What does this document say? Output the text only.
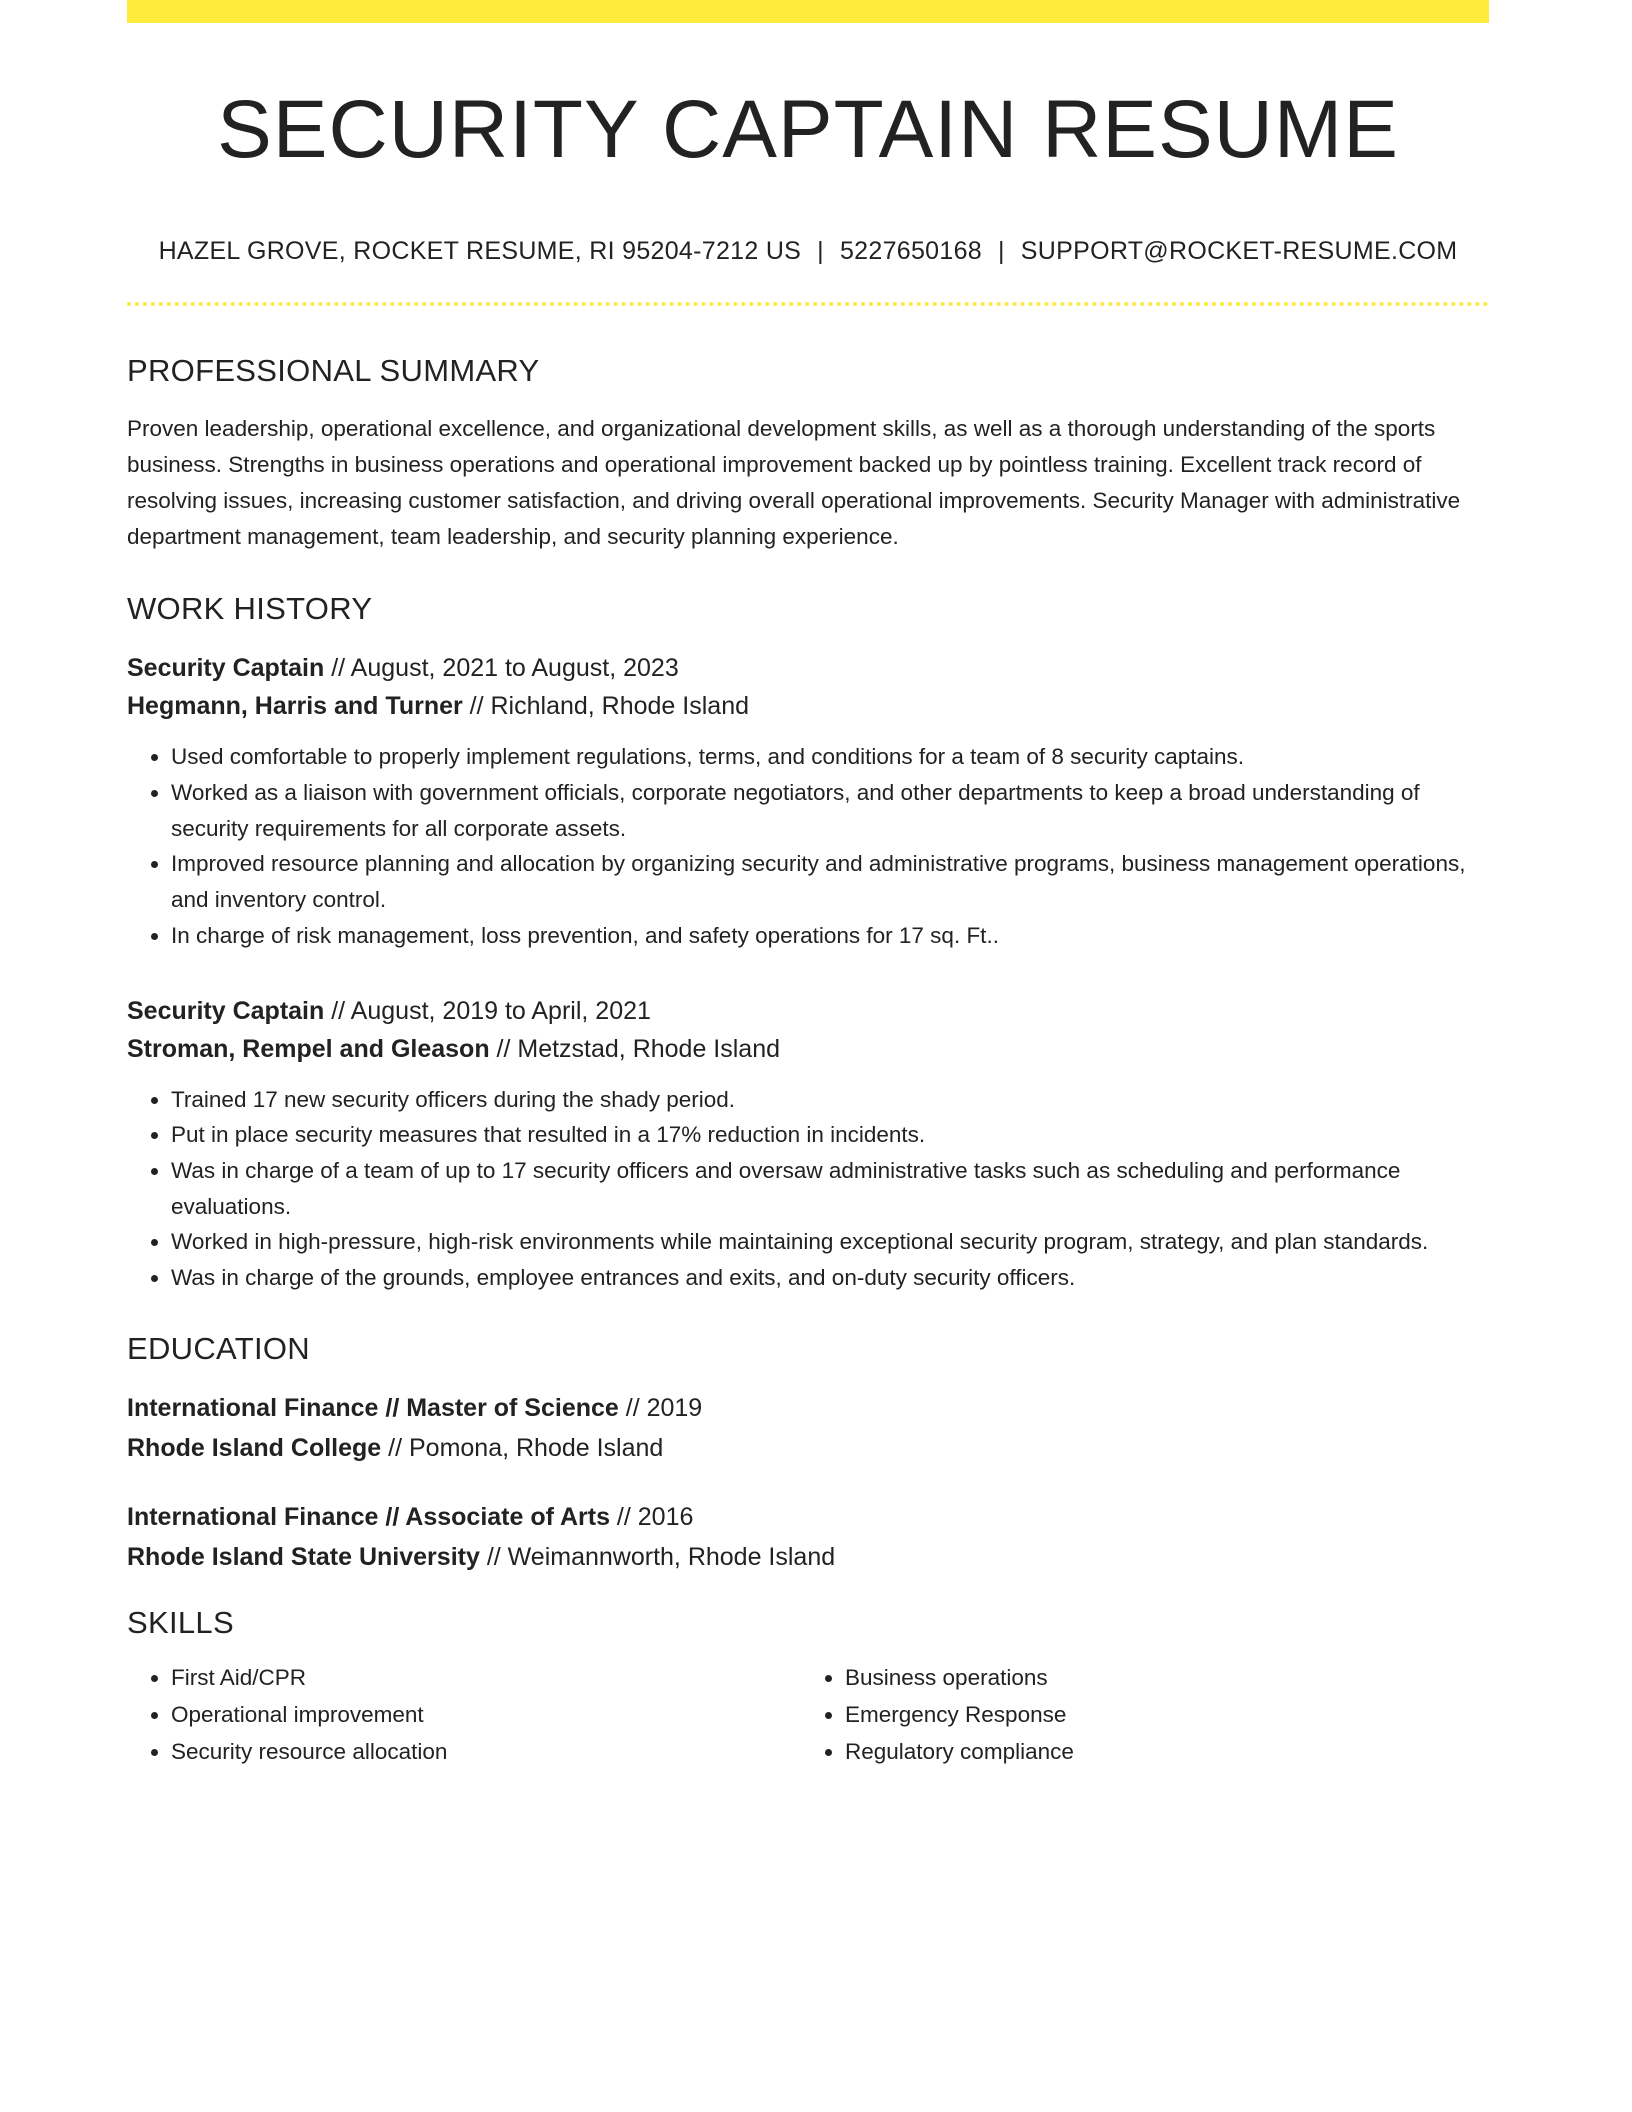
SECURITY CAPTAIN RESUME
HAZEL GROVE, ROCKET RESUME, RI 95204-7212 US | 5227650168 | SUPPORT@ROCKET-RESUME.COM
PROFESSIONAL SUMMARY
Proven leadership, operational excellence, and organizational development skills, as well as a thorough understanding of the sports business. Strengths in business operations and operational improvement backed up by pointless training. Excellent track record of resolving issues, increasing customer satisfaction, and driving overall operational improvements. Security Manager with administrative department management, team leadership, and security planning experience.
WORK HISTORY
Security Captain // August, 2021 to August, 2023
Hegmann, Harris and Turner // Richland, Rhode Island
• Used comfortable to properly implement regulations, terms, and conditions for a team of 8 security captains.
• Worked as a liaison with government officials, corporate negotiators, and other departments to keep a broad understanding of security requirements for all corporate assets.
• Improved resource planning and allocation by organizing security and administrative programs, business management operations, and inventory control.
• In charge of risk management, loss prevention, and safety operations for 17 sq. Ft..
Security Captain // August, 2019 to April, 2021
Stroman, Rempel and Gleason // Metzstad, Rhode Island
• Trained 17 new security officers during the shady period.
• Put in place security measures that resulted in a 17% reduction in incidents.
• Was in charge of a team of up to 17 security officers and oversaw administrative tasks such as scheduling and performance evaluations.
• Worked in high-pressure, high-risk environments while maintaining exceptional security program, strategy, and plan standards.
• Was in charge of the grounds, employee entrances and exits, and on-duty security officers.
EDUCATION
International Finance // Master of Science // 2019
Rhode Island College // Pomona, Rhode Island
International Finance // Associate of Arts // 2016
Rhode Island State University // Weimannworth, Rhode Island
SKILLS
• First Aid/CPR
• Operational improvement
• Security resource allocation
• Business operations
• Emergency Response
• Regulatory compliance
